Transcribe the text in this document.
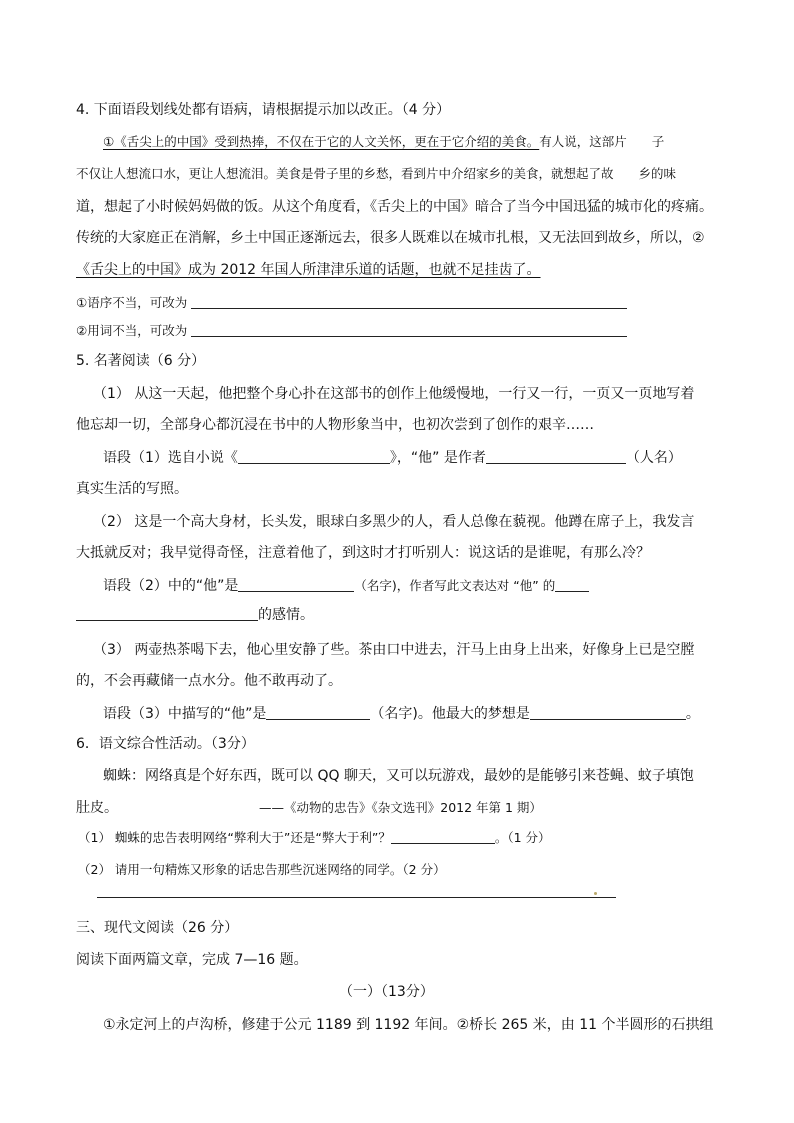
4. 下面语段划线处都有语病，请根据提示加以改正。（4 分）
①《舌尖上的中国》受到热捧，不仅在于它的人文关怀，更在于它介绍的美食。有人说，这部片　　子
不仅让人想流口水，更让人想流泪。美食是骨子里的乡愁，看到片中介绍家乡的美食，就想起了故　　乡的味
道，想起了小时候妈妈做的饭。从这个角度看，《舌尖上的中国》暗合了当今中国迅猛的城市化的疼痛。
传统的大家庭正在消解，乡土中国正逐渐远去，很多人既难以在城市扎根，又无法回到故乡，所以，②
《舌尖上的中国》成为 2012 年国人所津津乐道的话题，也就不足挂齿了。
①语序不当，可改为
②用词不当，可改为
5. 名著阅读（6 分）
（1） 从这一天起，他把整个身心扑在这部书的创作上他缓慢地，一行又一行，一页又一页地写着
他忘却一切，全部身心都沉浸在书中的人物形象当中，也初次尝到了创作的艰辛……
语段（1）选自小说《	》，“他” 是作者	（人名）
真实生活的写照。
（2） 这是一个高大身材，长头发，眼球白多黑少的人，看人总像在藐视。他蹲在席子上，我发言
大抵就反对；我早觉得奇怪，注意着他了，到这时才打听别人：说这话的是谁呢，有那么冷？
语段（2）中的“他”是	（名字)，作者写此文表达对 “他” 的
的感情。
（3） 两壶热茶喝下去，他心里安静了些。茶由口中进去，汗马上由身上出来，好像身上已是空膛
的，不会再藏储一点水分。他不敢再动了。
语段（3）中描写的“他”是	（名字)。他最大的梦想是	。
6．语文综合性活动。（3分）
蜘蛛：网络真是个好东西，既可以 QQ 聊天，又可以玩游戏，最妙的是能够引来苍蝇、蚊子填饱
肚皮。	——《动物的忠告》《杂文选刊》2012 年第 1 期）
（1） 蜘蛛的忠告表明网络“弊利大于”还是“弊大于利”？	。（1 分）
（2） 请用一句精炼又形象的话忠告那些沉迷网络的同学。（2 分）
三、现代文阅读（26 分）
阅读下面两篇文章，完成 7—16 题。
（一）（13分）
①永定河上的卢沟桥，修建于公元 1189 到 1192 年间。②桥长 265 米，由 11 个半圆形的石拱组
